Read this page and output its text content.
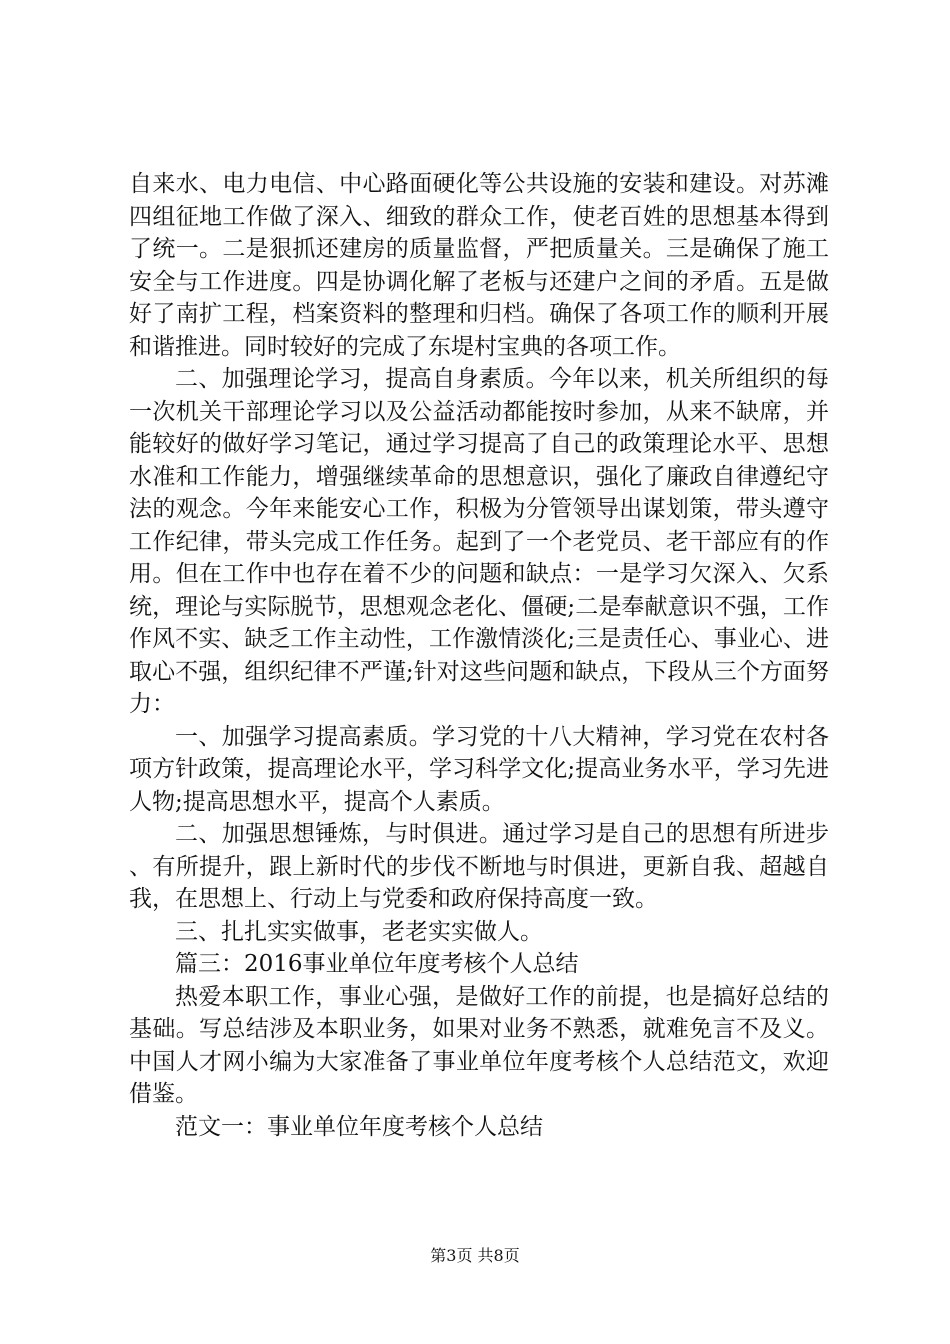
自来水、电力电信、中心路面硬化等公共设施的安装和建设。对苏滩四组征地工作做了深入、细致的群众工作，使老百姓的思想基本得到了统一。二是狠抓还建房的质量监督，严把质量关。三是确保了施工安全与工作进度。四是协调化解了老板与还建户之间的矛盾。五是做好了南扩工程，档案资料的整理和归档。确保了各项工作的顺利开展和谐推进。同时较好的完成了东堤村宝典的各项工作。

二、加强理论学习，提高自身素质。今年以来，机关所组织的每一次机关干部理论学习以及公益活动都能按时参加，从来不缺席，并能较好的做好学习笔记，通过学习提高了自己的政策理论水平、思想水准和工作能力，增强继续革命的思想意识，强化了廉政自律遵纪守法的观念。今年来能安心工作，积极为分管领导出谋划策，带头遵守工作纪律，带头完成工作任务。起到了一个老党员、老干部应有的作用。但在工作中也存在着不少的问题和缺点：一是学习欠深入、欠系统，理论与实际脱节，思想观念老化、僵硬;二是奉献意识不强，工作作风不实、缺乏工作主动性，工作激情淡化;三是责任心、事业心、进取心不强，组织纪律不严谨;针对这些问题和缺点，下段从三个方面努力：

一、加强学习提高素质。学习党的十八大精神，学习党在农村各项方针政策，提高理论水平，学习科学文化;提高业务水平，学习先进人物;提高思想水平，提高个人素质。

二、加强思想锤炼，与时俱进。通过学习是自己的思想有所进步、有所提升，跟上新时代的步伐不断地与时俱进，更新自我、超越自我，在思想上、行动上与党委和政府保持高度一致。

三、扎扎实实做事，老老实实做人。

篇三：2016事业单位年度考核个人总结

热爱本职工作，事业心强，是做好工作的前提，也是搞好总结的基础。写总结涉及本职业务，如果对业务不熟悉，就难免言不及义。中国人才网小编为大家准备了事业单位年度考核个人总结范文，欢迎借鉴。

范文一：事业单位年度考核个人总结

第3页 共8页
